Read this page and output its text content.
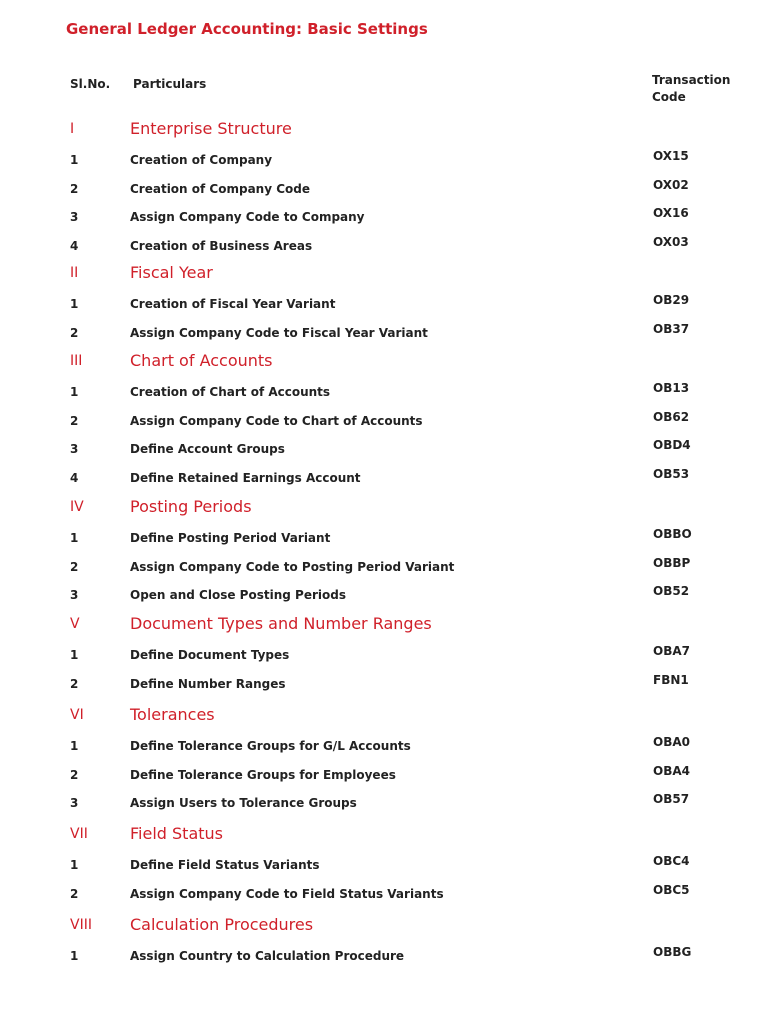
General Ledger Accounting: Basic Settings
Sl.No. Particulars	Transaction Code
I	Enterprise Structure
1	Creation of Company	OX15
2	Creation of Company Code	OX02
3	Assign Company Code to Company	OX16
4	Creation of Business Areas	OX03
II	Fiscal Year
1	Creation of Fiscal Year Variant	OB29
2	Assign Company Code to Fiscal Year Variant	OB37
III	Chart of Accounts
1	Creation of Chart of Accounts	OB13
2	Assign Company Code to Chart of Accounts	OB62
3	Define Account Groups	OBD4
4	Define Retained Earnings Account	OB53
IV	Posting Periods
1	Define Posting Period Variant	OBBO
2	Assign Company Code to Posting Period Variant	OBBP
3	Open and Close Posting Periods	OB52
V	Document Types and Number Ranges
1	Define Document Types	OBA7
2	Define Number Ranges	FBN1
VI	Tolerances
1	Define Tolerance Groups for G/L Accounts	OBA0
2	Define Tolerance Groups for Employees	OBA4
3	Assign Users to Tolerance Groups	OB57
VII	Field Status
1	Define Field Status Variants	OBC4
2	Assign Company Code to Field Status Variants	OBC5
VIII Calculation Procedures
1	Assign Country to Calculation Procedure	OBBG
